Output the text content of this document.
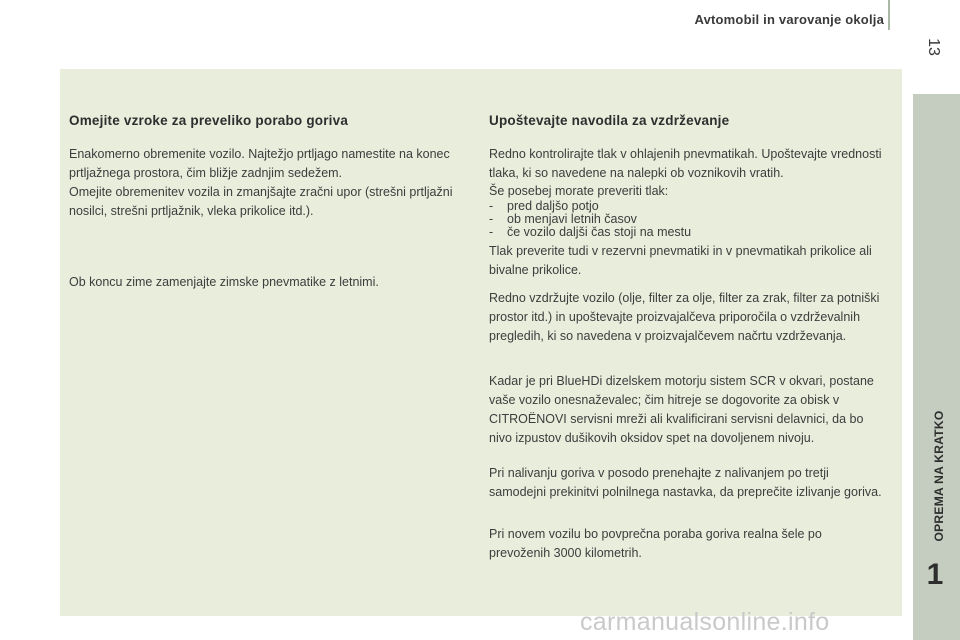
Avtomobil in varovanje okolja
13
Omejite vzroke za preveliko porabo goriva

Enakomerno obremenite vozilo. Najtežjo prtljago namestite na konec prtljažnega prostora, čim bližje zadnjim sedežem.

Omejite obremenitev vozila in zmanjšajte zračni upor (strešni prtljažni nosilci, strešni prtljažnik, vleka prikolice itd.).

Ob koncu zime zamenjajte zimske pnevmatike z letnimi.

Upoštevajte navodila za vzdrževanje

Redno kontrolirajte tlak v ohlajenih pnevmatikah. Upoštevajte vrednosti tlaka, ki so navedene na nalepki ob voznikovih vratih.

Še posebej morate preveriti tlak:

- pred daljšo potjo
- ob menjavi letnih časov
- če vozilo daljši čas stoji na mestu

Tlak preverite tudi v rezervni pnevmatiki in v pnevmatikah prikolice ali bivalne prikolice.

Redno vzdržujte vozilo (olje, filter za olje, filter za zrak, filter za potniški prostor itd.) in upoštevajte proizvajalčeva priporočila o vzdrževalnih pregledih, ki so navedena v proizvajalčevem načrtu vzdrževanja.

Kadar je pri BlueHDi dizelskem motorju sistem SCR v okvari, postane vaše vozilo onesnaževalec; čim hitreje se dogovorite za obisk v CITROËNOVI servisni mreži ali kvalificirani servisni delavnici, da bo nivo izpustov dušikovih oksidov spet na dovoljenem nivoju.

Pri nalivanju goriva v posodo prenehajte z nalivanjem po tretji samodejni prekinitvi polnilnega nastavka, da preprečite izlivanje goriva.

Pri novem vozilu bo povprečna poraba goriva realna šele po prevoženih 3000 kilometrih.

OPREMA NA KRATKO
1
carmanualsonline.info
